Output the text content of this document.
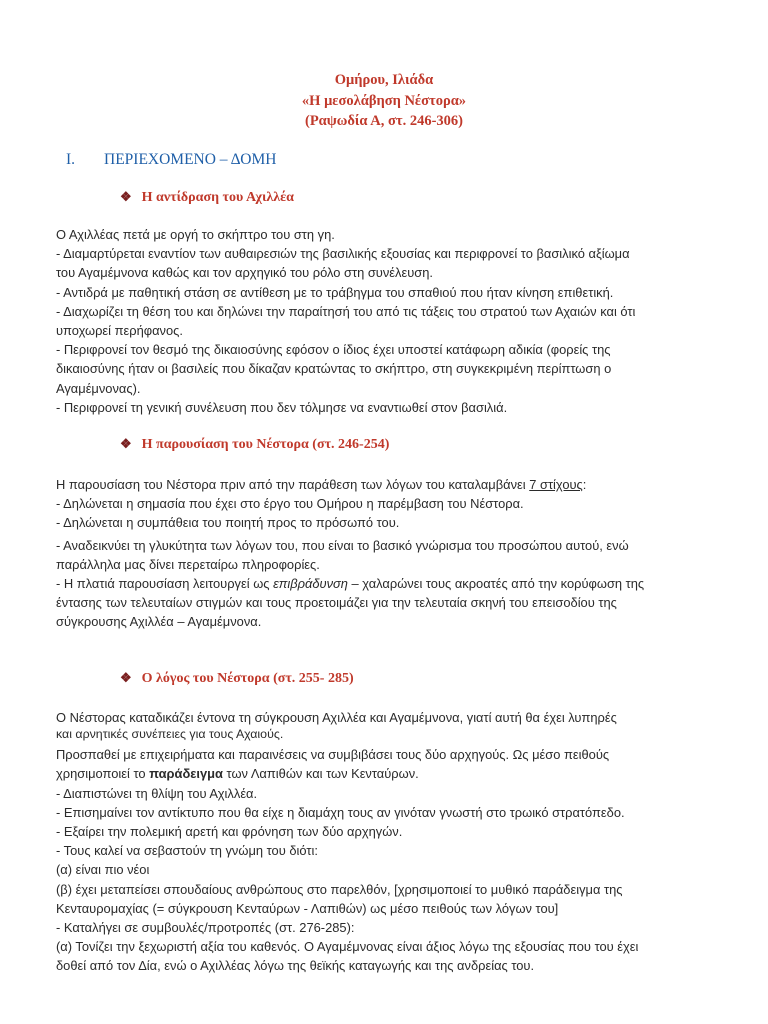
Ομήρου, Ιλιάδα
«Η μεσολάβηση Νέστορα»
(Ραψωδία Α, στ. 246-306)
Ι. ΠΕΡΙΕΧΟΜΕΝΟ – ΔΟΜΗ
❖ Η αντίδραση του Αχιλλέα

Ο Αχιλλέας πετά με οργή το σκήπτρο του στη γη.

- Διαμαρτύρεται εναντίον των αυθαιρεσιών της βασιλικής εξουσίας και περιφρονεί το βασιλικό αξίωμα

του Αγαμέμνονα καθώς και τον αρχηγικό του ρόλο στη συνέλευση.

- Αντιδρά με παθητική στάση σε αντίθεση με το τράβηγμα του σπαθιού που ήταν κίνηση επιθετική.

- Διαχωρίζει τη θέση του και δηλώνει την παραίτησή του από τις τάξεις του στρατού των Αχαιών και ότι

υποχωρεί περήφανος.

- Περιφρονεί τον θεσμό της δικαιοσύνης εφόσον ο ίδιος έχει υποστεί κατάφωρη αδικία (φορείς της

δικαιοσύνης ήταν οι βασιλείς που δίκαζαν κρατώντας το σκήπτρο, στη συγκεκριμένη περίπτωση ο

Αγαμέμνονας).

- Περιφρονεί τη γενική συνέλευση που δεν τόλμησε να εναντιωθεί στον βασιλιά.

❖ Η παρουσίαση του Νέστορα (στ. 246-254)

Η παρουσίαση του Νέστορα πριν από την παράθεση των λόγων του καταλαμβάνει 7 στίχους:

- Δηλώνεται η σημασία που έχει στο έργο του Ομήρου η παρέμβαση του Νέστορα.

- Δηλώνεται η συμπάθεια του ποιητή προς το πρόσωπό του.

- Αναδεικνύει τη γλυκύτητα των λόγων του, που είναι το βασικό γνώρισμα του προσώπου αυτού, ενώ

παράλληλα μας δίνει περεταίρω πληροφορίες.

- Η πλατιά παρουσίαση λειτουργεί ως επιβράδυνση – χαλαρώνει τους ακροατές από την κορύφωση της

έντασης των τελευταίων στιγμών και τους προετοιμάζει για την τελευταία σκηνή του επεισοδίου της

σύγκρουσης Αχιλλέα – Αγαμέμνονα.

❖ Ο λόγος του Νέστορα (στ. 255- 285)

Ο Νέστορας καταδικάζει έντονα τη σύγκρουση Αχιλλέα και Αγαμέμνονα, γιατί αυτή θα έχει λυπηρές

και αρνητικές συνέπειες για τους Αχαιούς.

Προσπαθεί με επιχειρήματα και παραινέσεις να συμβιβάσει τους δύο αρχηγούς. Ως μέσο πειθούς

χρησιμοποιεί το παράδειγμα των Λαπιθών και των Κενταύρων.

- Διαπιστώνει τη θλίψη του Αχιλλέα.

- Επισημαίνει τον αντίκτυπο που θα είχε η διαμάχη τους αν γινόταν γνωστή στο τρωικό στρατόπεδο.

- Εξαίρει την πολεμική αρετή και φρόνηση των δύο αρχηγών.

- Τους καλεί να σεβαστούν τη γνώμη του διότι:

(α) είναι πιο νέοι

(β) έχει μεταπείσει σπουδαίους ανθρώπους στο παρελθόν, [χρησιμοποιεί το μυθικό παράδειγμα της

Κενταυρομαχίας (= σύγκρουση Κενταύρων - Λαπιθών) ως μέσο πειθούς των λόγων του]

- Καταλήγει σε συμβουλές/προτροπές (στ. 276-285):

(α) Τονίζει την ξεχωριστή αξία του καθενός. Ο Αγαμέμνονας είναι άξιος λόγω της εξουσίας που του έχει

δοθεί από τον Δία, ενώ ο Αχιλλέας λόγω της θεϊκής καταγωγής και της ανδρείας του.
